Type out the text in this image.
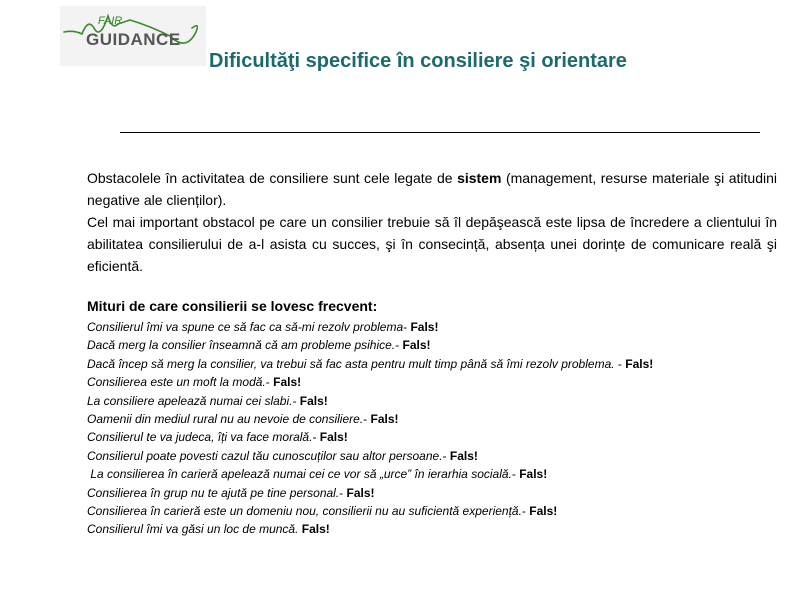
FAIR
GUIDANCE
Dificultăţi specifice în consiliere şi orientare

Obstacolele în activitatea de consiliere sunt cele legate de sistem (management, resurse materiale şi atitudini negative ale clienților).

Cel mai important obstacol pe care un consilier trebuie să îl depăşească este lipsa de încredere a clientului în abilitatea consilierului de a-l asista cu succes, şi în consecință, absența unei dorințe de comunicare reală şi eficientă.

Mituri de care consilierii se lovesc frecvent:
Consilierul îmi va spune ce să fac ca să-mi rezolv problema- Fals!
Dacă merg la consilier înseamnă că am probleme psihice.- Fals!
Dacă încep să merg la consilier, va trebui să fac asta pentru mult timp până să îmi rezolv problema. - Fals!
Consilierea este un moft la modă.- Fals!
La consiliere apelează numai cei slabi.- Fals!
Oamenii din mediul rural nu au nevoie de consiliere.- Fals!
Consilierul te va judeca, îți va face morală.- Fals!
Consilierul poate povesti cazul tău cunoscuților sau altor persoane.- Fals!
La consilierea în carieră apelează numai cei ce vor să „urce” în ierarhia socială.- Fals!
Consilierea în grup nu te ajută pe tine personal.- Fals!
Consilierea în carieră este un domeniu nou, consilierii nu au suficientă experiență.- Fals!
Consilierul îmi va găsi un loc de muncă. Fals!
